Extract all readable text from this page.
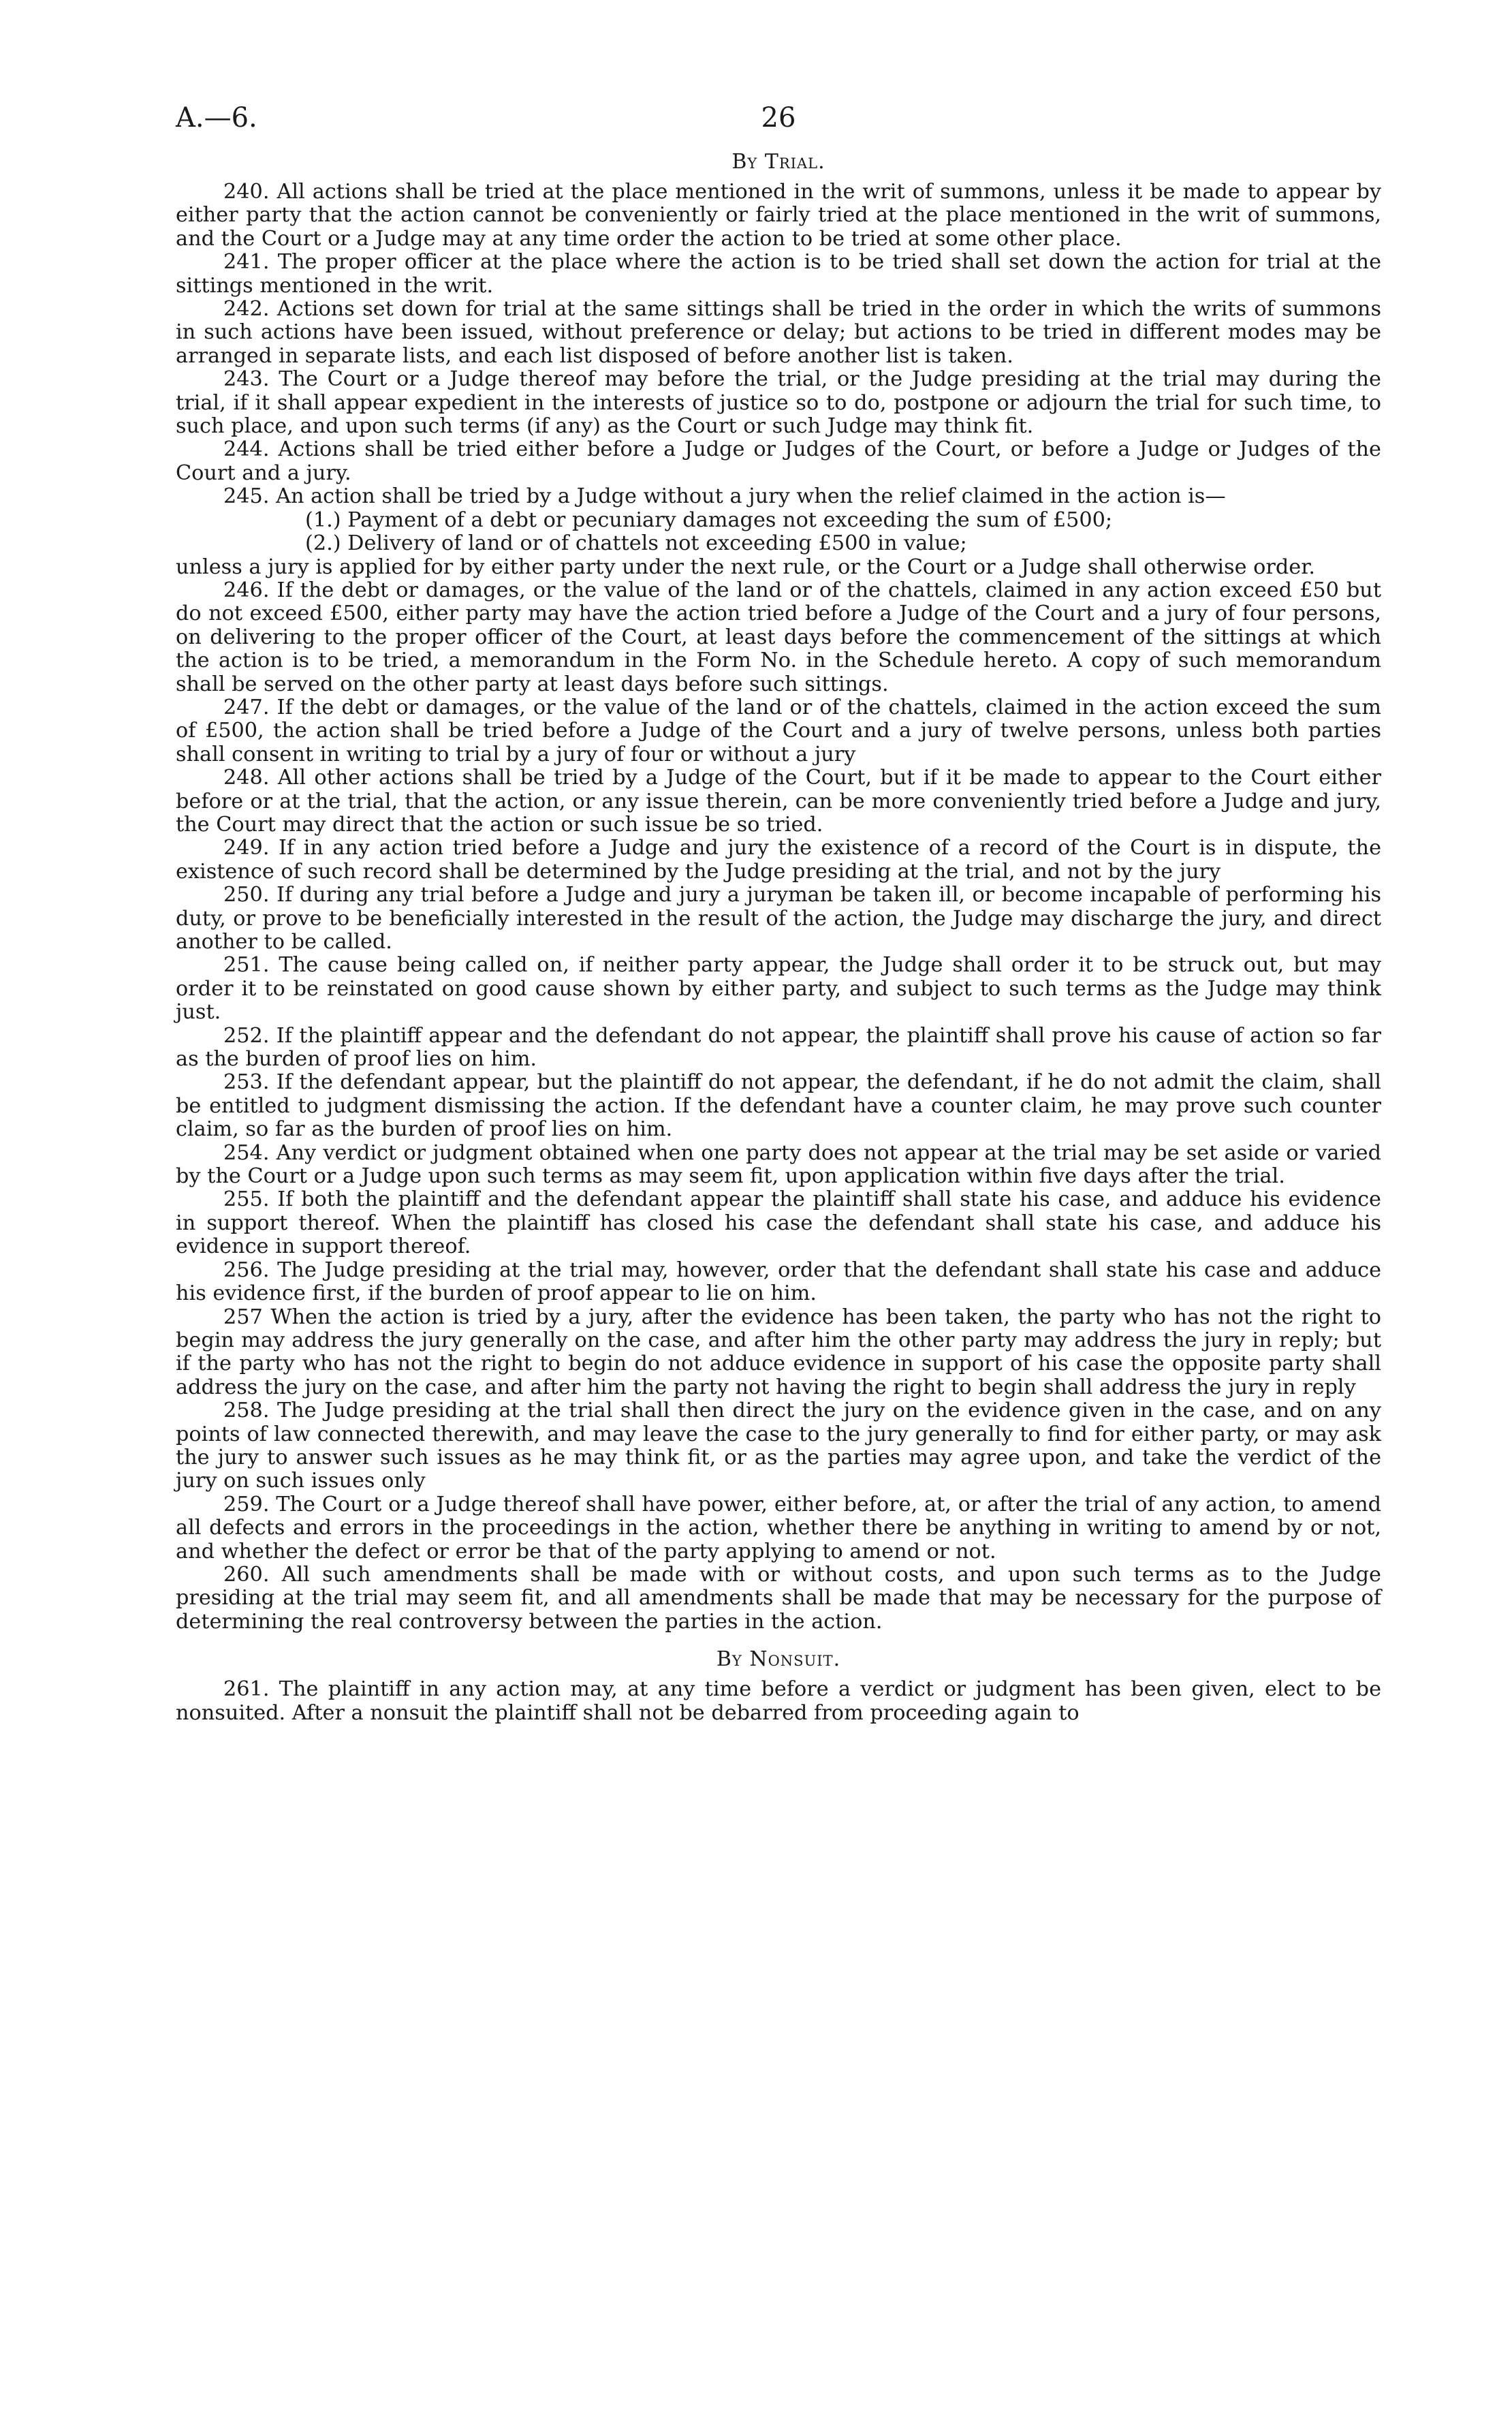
A.—6.	26
By Trial.

240. All actions shall be tried at the place mentioned in the writ of summons, unless it be made to appear by either party that the action cannot be conveniently or fairly tried at the place mentioned in the writ of summons, and the Court or a Judge may at any time order the action to be tried at some other place.

241. The proper officer at the place where the action is to be tried shall set down the action for trial at the sittings mentioned in the writ.

242. Actions set down for trial at the same sittings shall be tried in the order in which the writs of summons in such actions have been issued, without preference or delay; but actions to be tried in different modes may be arranged in separate lists, and each list disposed of before another list is taken.

243. The Court or a Judge thereof may before the trial, or the Judge presiding at the trial may during the trial, if it shall appear expedient in the interests of justice so to do, postpone or adjourn the trial for such time, to such place, and upon such terms (if any) as the Court or such Judge may think fit.

244. Actions shall be tried either before a Judge or Judges of the Court, or before a Judge or Judges of the Court and a jury.

245. An action shall be tried by a Judge without a jury when the relief claimed in the action is—

(1.) Payment of a debt or pecuniary damages not exceeding the sum of £500;

(2.) Delivery of land or of chattels not exceeding £500 in value;

unless a jury is applied for by either party under the next rule, or the Court or a Judge shall otherwise order.

246. If the debt or damages, or the value of the land or of the chattels, claimed in any action exceed £50 but do not exceed £500, either party may have the action tried before a Judge of the Court and a jury of four persons, on delivering to the proper officer of the Court, at least days before the commencement of the sittings at which the action is to be tried, a memorandum in the Form No. in the Schedule hereto. A copy of such memorandum shall be served on the other party at least days before such sittings.

247. If the debt or damages, or the value of the land or of the chattels, claimed in the action exceed the sum of £500, the action shall be tried before a Judge of the Court and a jury of twelve persons, unless both parties shall consent in writing to trial by a jury of four or without a jury

248. All other actions shall be tried by a Judge of the Court, but if it be made to appear to the Court either before or at the trial, that the action, or any issue therein, can be more conveniently tried before a Judge and jury, the Court may direct that the action or such issue be so tried.

249. If in any action tried before a Judge and jury the existence of a record of the Court is in dispute, the existence of such record shall be determined by the Judge presiding at the trial, and not by the jury

250. If during any trial before a Judge and jury a juryman be taken ill, or become incapable of performing his duty, or prove to be beneficially interested in the result of the action, the Judge may discharge the jury, and direct another to be called.

251. The cause being called on, if neither party appear, the Judge shall order it to be struck out, but may order it to be reinstated on good cause shown by either party, and subject to such terms as the Judge may think just.

252. If the plaintiff appear and the defendant do not appear, the plaintiff shall prove his cause of action so far as the burden of proof lies on him.

253. If the defendant appear, but the plaintiff do not appear, the defendant, if he do not admit the claim, shall be entitled to judgment dismissing the action. If the defendant have a counter claim, he may prove such counter claim, so far as the burden of proof lies on him.

254. Any verdict or judgment obtained when one party does not appear at the trial may be set aside or varied by the Court or a Judge upon such terms as may seem fit, upon application within five days after the trial.

255. If both the plaintiff and the defendant appear the plaintiff shall state his case, and adduce his evidence in support thereof. When the plaintiff has closed his case the defendant shall state his case, and adduce his evidence in support thereof.

256. The Judge presiding at the trial may, however, order that the defendant shall state his case and adduce his evidence first, if the burden of proof appear to lie on him.

257 When the action is tried by a jury, after the evidence has been taken, the party who has not the right to begin may address the jury generally on the case, and after him the other party may address the jury in reply; but if the party who has not the right to begin do not adduce evidence in support of his case the opposite party shall address the jury on the case, and after him the party not having the right to begin shall address the jury in reply

258. The Judge presiding at the trial shall then direct the jury on the evidence given in the case, and on any points of law connected therewith, and may leave the case to the jury generally to find for either party, or may ask the jury to answer such issues as he may think fit, or as the parties may agree upon, and take the verdict of the jury on such issues only

259. The Court or a Judge thereof shall have power, either before, at, or after the trial of any action, to amend all defects and errors in the proceedings in the action, whether there be anything in writing to amend by or not, and whether the defect or error be that of the party applying to amend or not.

260. All such amendments shall be made with or without costs, and upon such terms as to the Judge presiding at the trial may seem fit, and all amendments shall be made that may be necessary for the purpose of determining the real controversy between the parties in the action.

By Nonsuit.

261. The plaintiff in any action may, at any time before a verdict or judgment has been given, elect to be nonsuited. After a nonsuit the plaintiff shall not be debarred from proceeding again to
